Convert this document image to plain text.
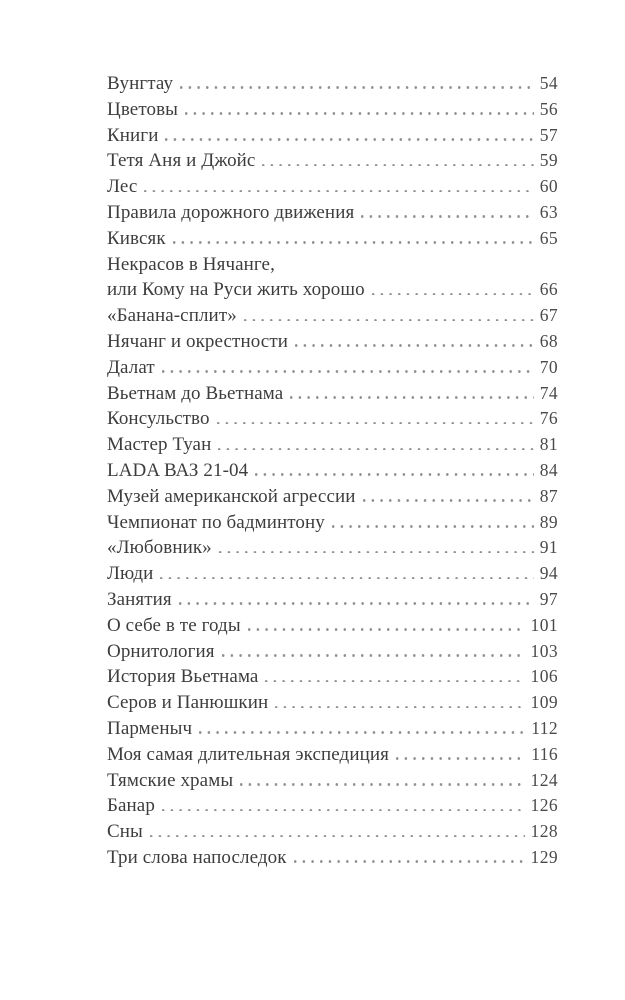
Вунгтау	54
Цветовы	56
Книги	57
Тетя Аня и Джойс	59
Лес	60
Правила дорожного движения	63
Кивсяк	65
Некрасов в Нячанге,
или Кому на Руси жить хорошо	66
«Банана-сплит»	67
Нячанг и окрестности	68
Далат	70
Вьетнам до Вьетнама	74
Консульство	76
Мастер Туан	81
LADA ВАЗ 21-04	84
Музей американской агрессии	87
Чемпионат по бадминтону	89
«Любовник»	91
Люди	94
Занятия	97
О себе в те годы	101
Орнитология	103
История Вьетнама	106
Серов и Панюшкин	109
Парменыч	112
Моя самая длительная экспедиция	116
Тямские храмы	124
Банар	126
Сны	128
Три слова напоследок	129
